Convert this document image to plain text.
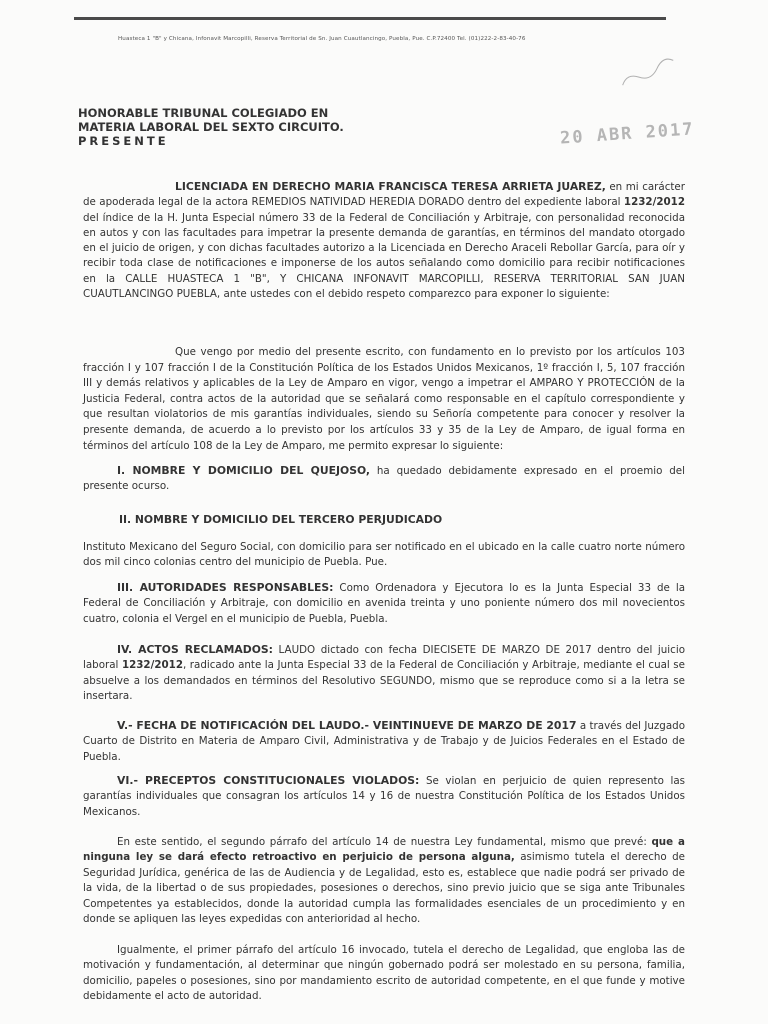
Huasteca 1 "B" y Chicana, Infonavit Marcopilli, Reserva Territorial de Sn. Juan Cuautlancingo, Puebla, Pue. C.P.72400 Tel. (01)222-2-83-40-76
20 ABR 2017
HONORABLE TRIBUNAL COLEGIADO EN
MATERIA LABORAL DEL SEXTO CIRCUITO.
PRESENTE

LICENCIADA EN DERECHO MARIA FRANCISCA TERESA ARRIETA JUAREZ, en mi carácter de apoderada legal de la actora REMEDIOS NATIVIDAD HEREDIA DORADO dentro del expediente laboral 1232/2012 del índice de la H. Junta Especial número 33 de la Federal de Conciliación y Arbitraje, con personalidad reconocida en autos y con las facultades para impetrar la presente demanda de garantías, en términos del mandato otorgado en el juicio de origen, y con dichas facultades autorizo a la Licenciada en Derecho Araceli Rebollar García, para oír y recibir toda clase de notificaciones e imponerse de los autos señalando como domicilio para recibir notificaciones en la CALLE HUASTECA 1 "B", Y CHICANA INFONAVIT MARCOPILLI, RESERVA TERRITORIAL SAN JUAN CUAUTLANCINGO PUEBLA, ante ustedes con el debido respeto comparezco para exponer lo siguiente:

Que vengo por medio del presente escrito, con fundamento en lo previsto por los artículos 103 fracción I y 107 fracción I de la Constitución Política de los Estados Unidos Mexicanos, 1º fracción I, 5, 107 fracción III y demás relativos y aplicables de la Ley de Amparo en vigor, vengo a impetrar el AMPARO Y PROTECCIÓN de la Justicia Federal, contra actos de la autoridad que se señalará como responsable en el capítulo correspondiente y que resultan violatorios de mis garantías individuales, siendo su Señoría competente para conocer y resolver la presente demanda, de acuerdo a lo previsto por los artículos 33 y 35 de la Ley de Amparo, de igual forma en términos del artículo 108 de la Ley de Amparo, me permito expresar lo siguiente:

I. NOMBRE Y DOMICILIO DEL QUEJOSO, ha quedado debidamente expresado en el proemio del presente ocurso.

II. NOMBRE Y DOMICILIO DEL TERCERO PERJUDICADO

Instituto Mexicano del Seguro Social, con domicilio para ser notificado en el ubicado en la calle cuatro norte número dos mil cinco colonias centro del municipio de Puebla. Pue.

III. AUTORIDADES RESPONSABLES: Como Ordenadora y Ejecutora lo es la Junta Especial 33 de la Federal de Conciliación y Arbitraje, con domicilio en avenida treinta y uno poniente número dos mil novecientos cuatro, colonia el Vergel en el municipio de Puebla, Puebla.

IV. ACTOS RECLAMADOS: LAUDO dictado con fecha DIECISETE DE MARZO DE 2017 dentro del juicio laboral 1232/2012, radicado ante la Junta Especial 33 de la Federal de Conciliación y Arbitraje, mediante el cual se absuelve a los demandados en términos del Resolutivo SEGUNDO, mismo que se reproduce como si a la letra se insertara.

V.- FECHA DE NOTIFICACIÓN DEL LAUDO.- VEINTINUEVE DE MARZO DE 2017 a través del Juzgado Cuarto de Distrito en Materia de Amparo Civil, Administrativa y de Trabajo y de Juicios Federales en el Estado de Puebla.

VI.- PRECEPTOS CONSTITUCIONALES VIOLADOS: Se violan en perjuicio de quien represento las garantías individuales que consagran los artículos 14 y 16 de nuestra Constitución Política de los Estados Unidos Mexicanos.

En este sentido, el segundo párrafo del artículo 14 de nuestra Ley fundamental, mismo que prevé: que a ninguna ley se dará efecto retroactivo en perjuicio de persona alguna, asimismo tutela el derecho de Seguridad Jurídica, genérica de las de Audiencia y de Legalidad, esto es, establece que nadie podrá ser privado de la vida, de la libertad o de sus propiedades, posesiones o derechos, sino previo juicio que se siga ante Tribunales Competentes ya establecidos, donde la autoridad cumpla las formalidades esenciales de un procedimiento y en donde se apliquen las leyes expedidas con anterioridad al hecho.

Igualmente, el primer párrafo del artículo 16 invocado, tutela el derecho de Legalidad, que engloba las de motivación y fundamentación, al determinar que ningún gobernado podrá ser molestado en su persona, familia, domicilio, papeles o posesiones, sino por mandamiento escrito de autoridad competente, en el que funde y motive debidamente el acto de autoridad.
